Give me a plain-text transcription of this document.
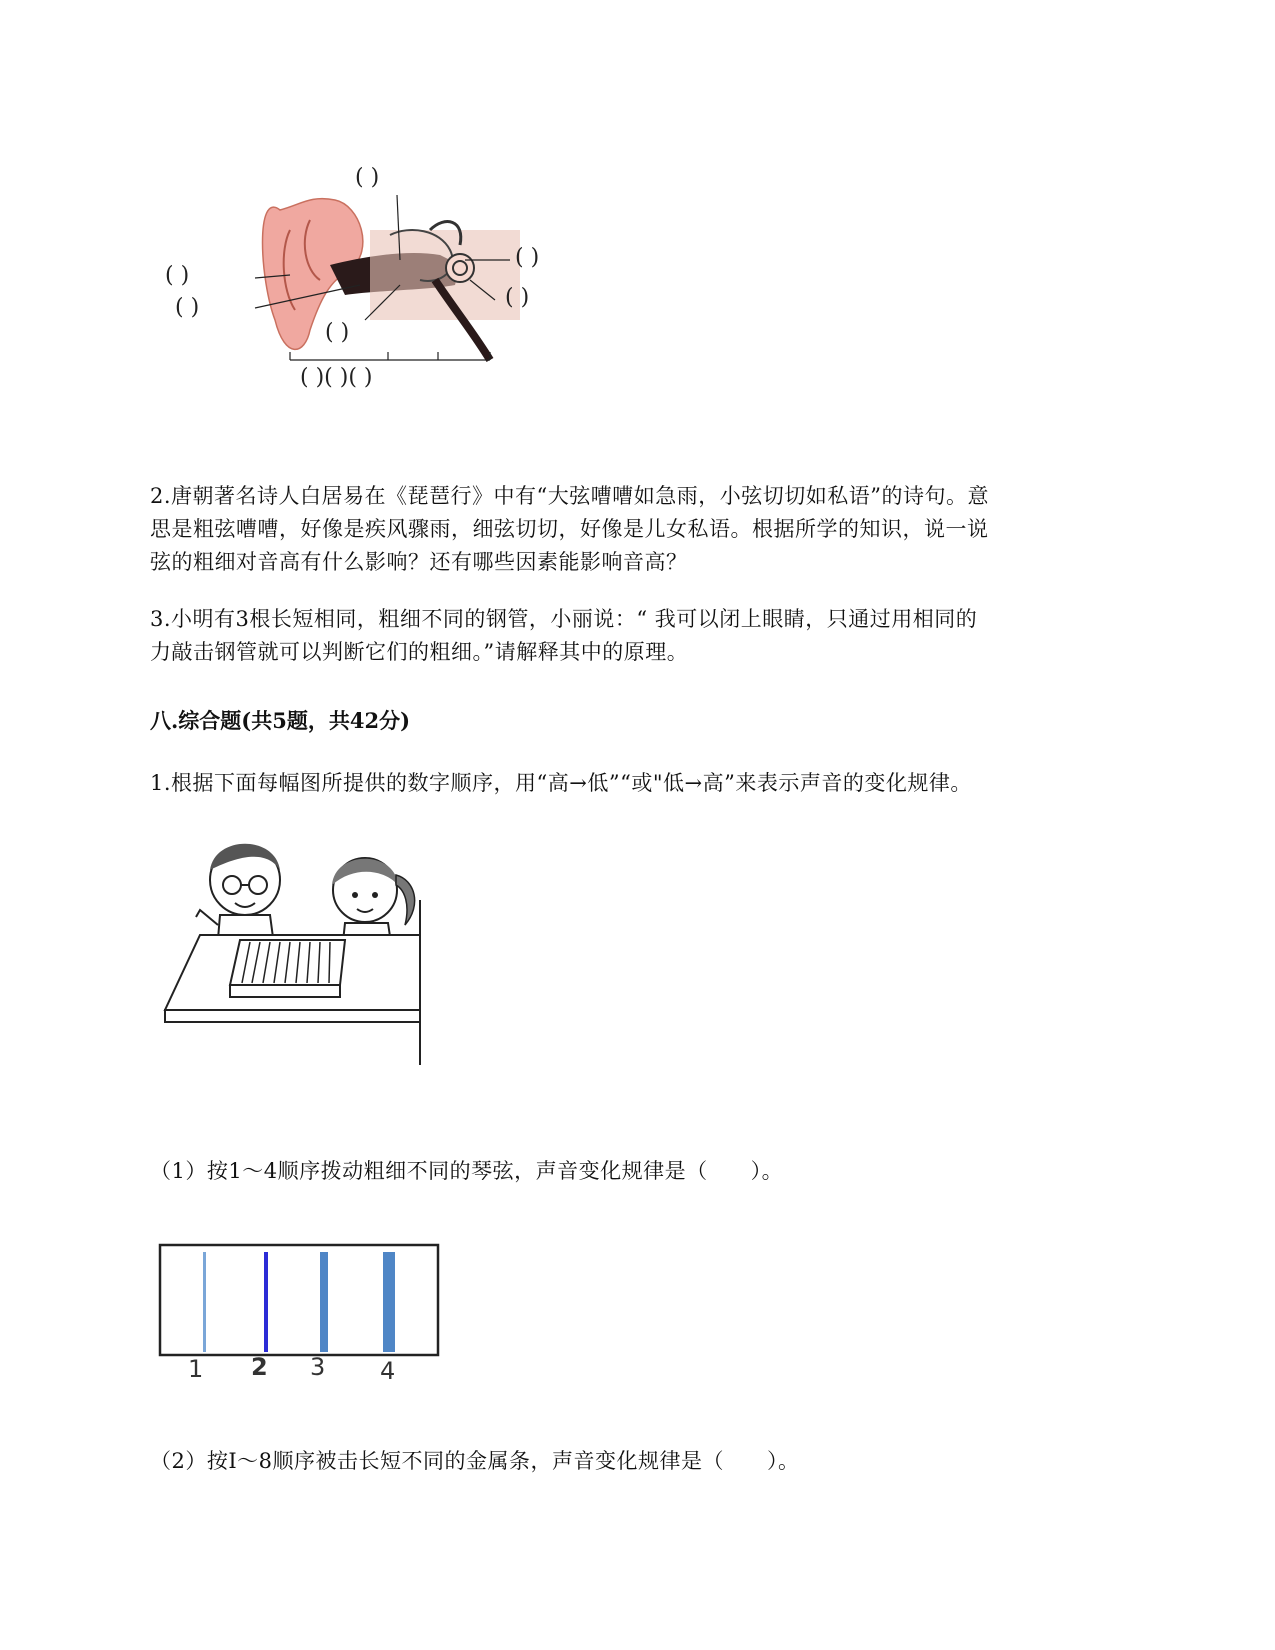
( )
( )
( )
( )
( )
( )
( )( )( )

2.唐朝著名诗人白居易在《琵琶行》中有“大弦嘈嘈如急雨，小弦切切如私语”的诗句。意

思是粗弦嘈嘈，好像是疾风骤雨，细弦切切，好像是儿女私语。根据所学的知识，说一说

弦的粗细对音高有什么影响？还有哪些因素能影响音高？

3.小明有3根长短相同，粗细不同的钢管，小丽说：“ 我可以闭上眼睛，只通过用相同的

力敲击钢管就可以判断它们的粗细。”请解释其中的原理。

八.综合题(共5题，共42分)
1.根据下面每幅图所提供的数字顺序，用“高→低”“或"低→高”来表示声音的变化规律。
（1）按1～4顺序拨动粗细不同的琴弦，声音变化规律是（　　）。
1 2 3 4
（2）按I～8顺序被击长短不同的金属条，声音变化规律是（　　）。
